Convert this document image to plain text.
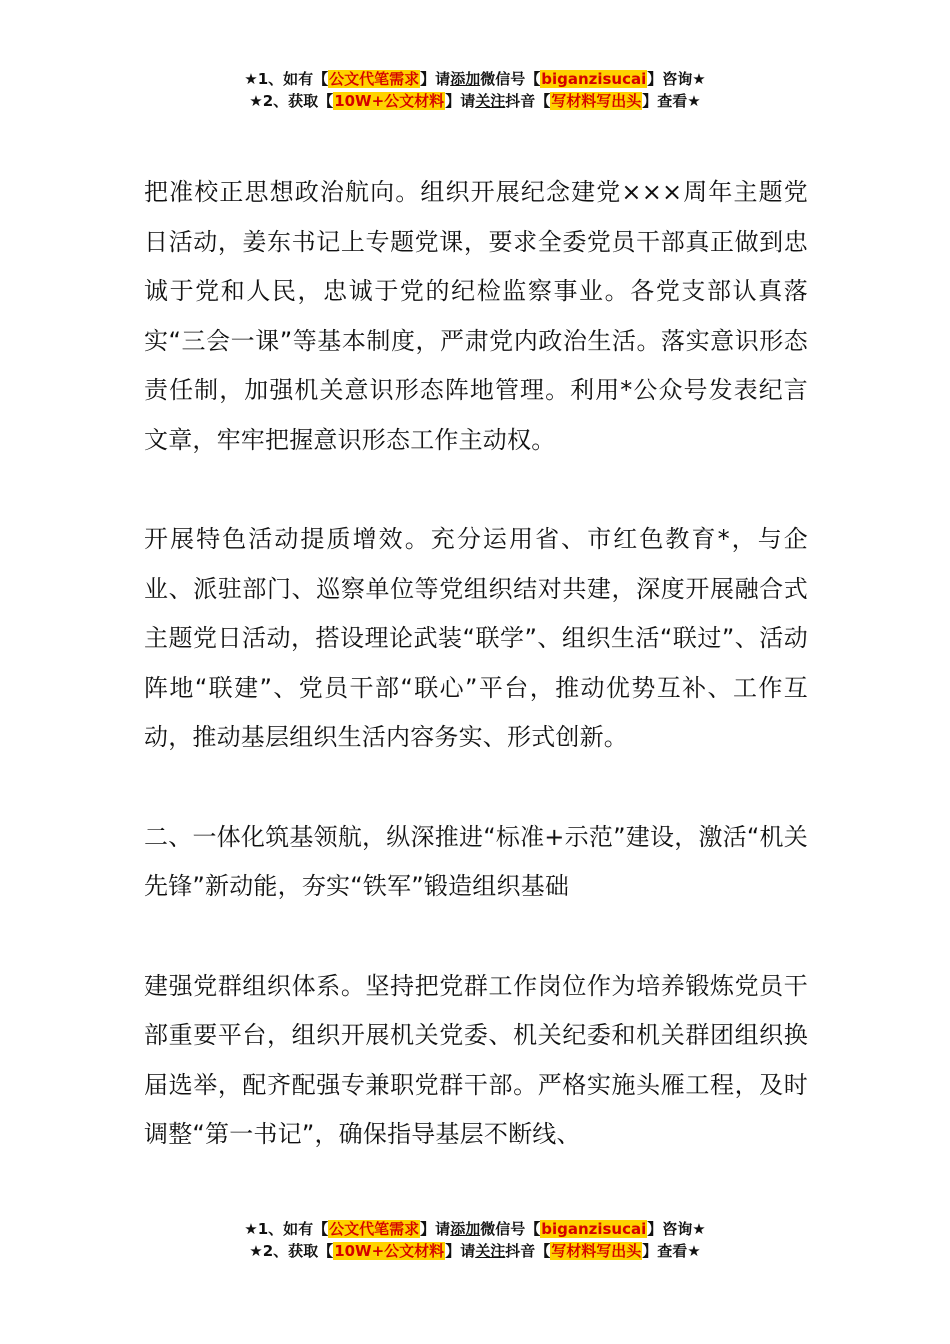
★1、如有【公文代笔需求】请添加微信号【biganzisucai】咨询★
★2、获取【10W+公文材料】请关注抖音【写材料写出头】查看★

把准校正思想政治航向。组织开展纪念建党×××周年主题党日活动，姜东书记上专题党课，要求全委党员干部真正做到忠诚于党和人民，忠诚于党的纪检监察事业。各党支部认真落实“三会一课”等基本制度，严肃党内政治生活。落实意识形态责任制，加强机关意识形态阵地管理。利用*公众号发表纪言文章，牢牢把握意识形态工作主动权。

开展特色活动提质增效。充分运用省、市红色教育*，与企业、派驻部门、巡察单位等党组织结对共建，深度开展融合式主题党日活动，搭设理论武装“联学”、组织生活“联过”、活动阵地“联建”、党员干部“联心”平台，推动优势互补、工作互动，推动基层组织生活内容务实、形式创新。

二、一体化筑基领航，纵深推进“标准+示范”建设，激活“机关先锋”新动能，夯实“铁军”锻造组织基础

建强党群组织体系。坚持把党群工作岗位作为培养锻炼党员干部重要平台，组织开展机关党委、机关纪委和机关群团组织换届选举，配齐配强专兼职党群干部。严格实施头雁工程，及时调整“第一书记”，确保指导基层不断线、

★1、如有【公文代笔需求】请添加微信号【biganzisucai】咨询★
★2、获取【10W+公文材料】请关注抖音【写材料写出头】查看★
